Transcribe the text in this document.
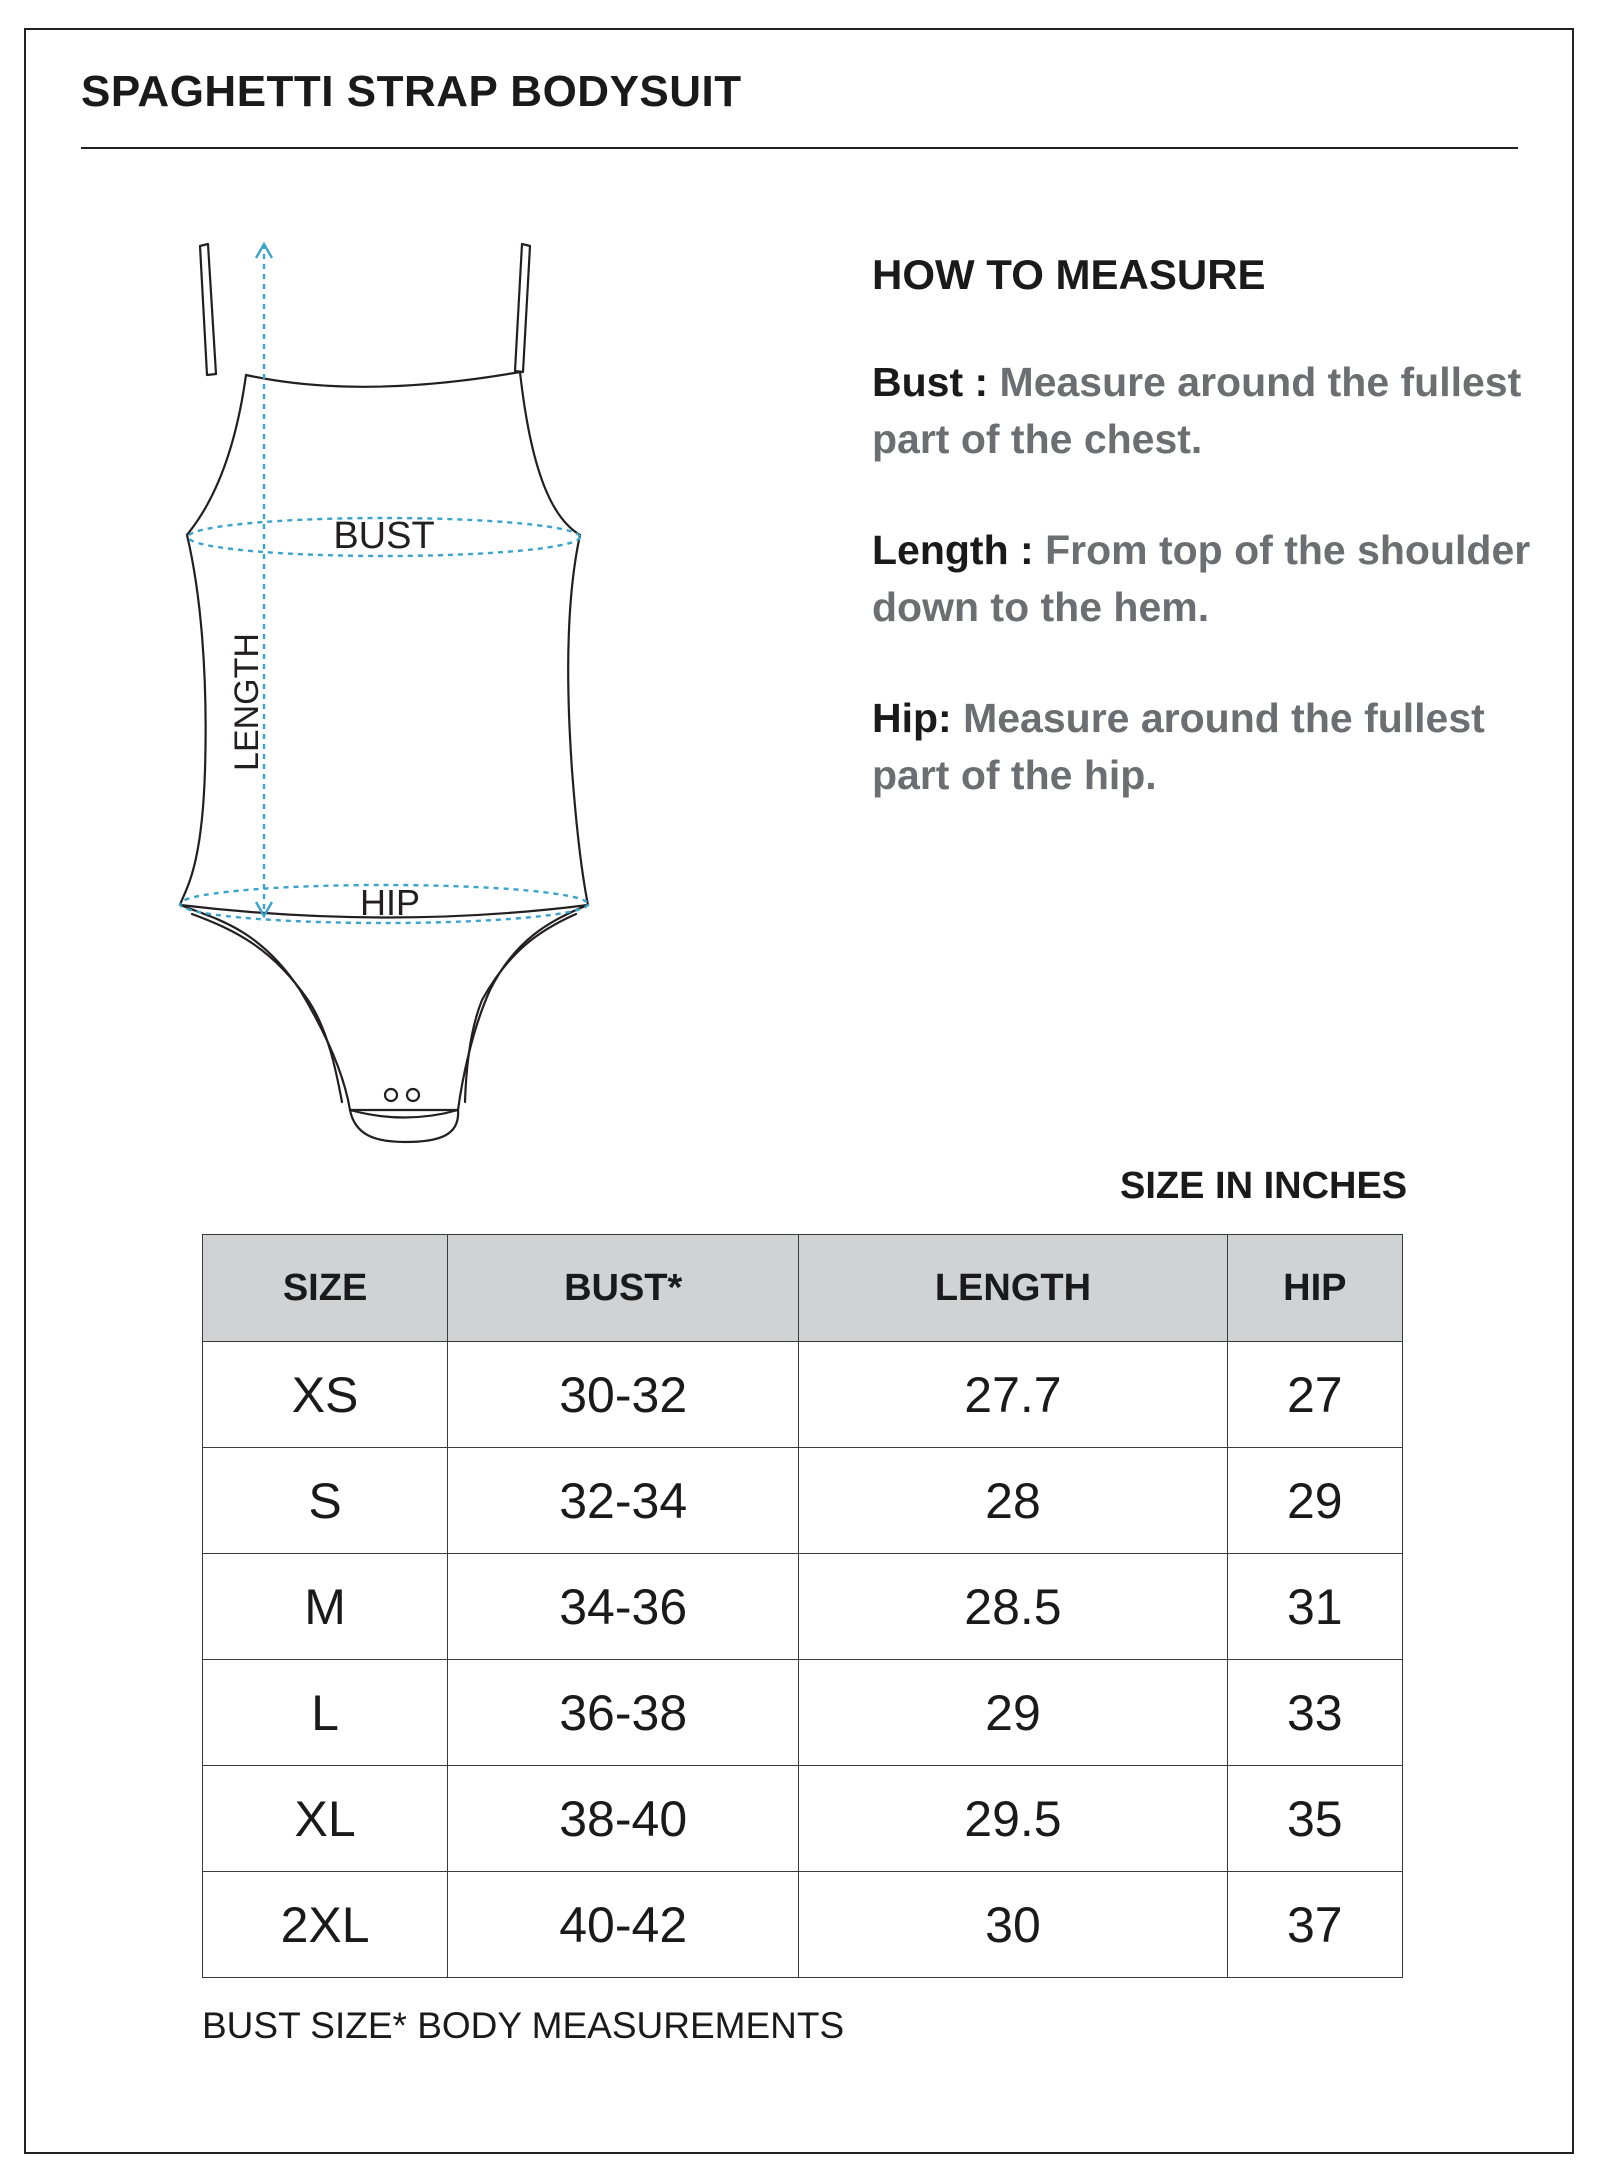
SPAGHETTI STRAP BODYSUIT
BUST
HIP
LENGTH
HOW TO MEASURE

Bust : Measure around the fullest part of the chest.

Length : From top of the shoulder down to the hem.

Hip: Measure around the fullest part of the hip.

SIZE IN INCHES

SIZE	BUST*	LENGTH	HIP
XS	30-32	27.7	27
S	32-34	28	29
M	34-36	28.5	31
L	36-38	29	33
XL	38-40	29.5	35
2XL	40-42	30	37

BUST SIZE* BODY MEASUREMENTS
